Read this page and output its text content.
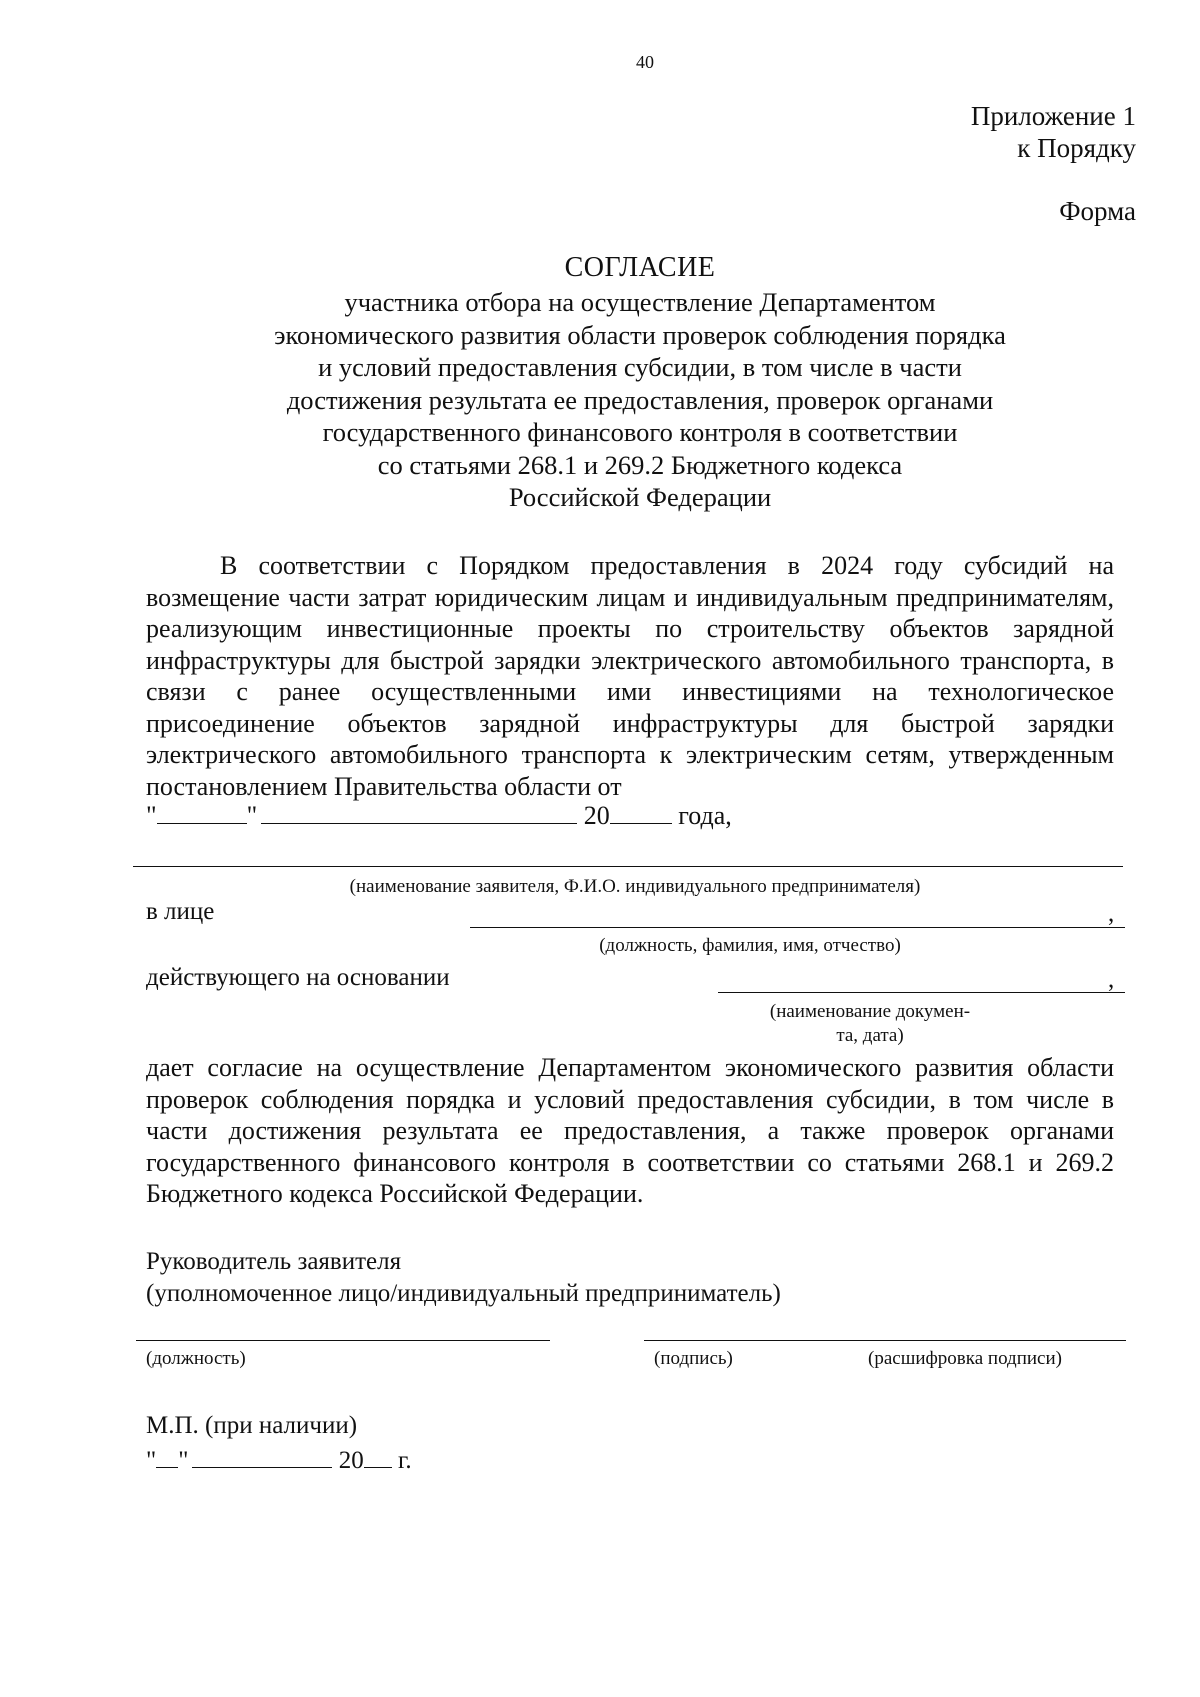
40
Приложение 1
к Порядку
Форма
СОГЛАСИЕ
участника отбора на осуществление Департаментом
экономического развития области проверок соблюдения порядка
и условий предоставления субсидии, в том числе в части
достижения результата ее предоставления, проверок органами
государственного финансового контроля в соответствии
со статьями 268.1 и 269.2 Бюджетного кодекса
Российской Федерации

В соответствии с Порядком предоставления в 2024 году субсидий на возмещение части затрат юридическим лицам и индивидуальным предпринимателям, реализующим инвестиционные проекты по строительству объектов зарядной инфраструктуры для быстрой зарядки электрического автомобильного транспорта, в связи с ранее осуществленными ими инвестициями на технологическое присоединение объектов зарядной инфраструктуры для быстрой зарядки электрического автомобильного транспорта к электрическим сетям, утвержденным постановлением Правительства области от

"	"	20	года,
(наименование заявителя, Ф.И.О. индивидуального предпринимателя)
в лице	,
(должность, фамилия, имя, отчество)
действующего на основании	,
(наименование докумен-
та, дата)

дает согласие на осуществление Департаментом экономического развития области проверок соблюдения порядка и условий предоставления субсидии, в том числе в части достижения результата ее предоставления, а также проверок органами государственного финансового контроля в соответствии со статьями 268.1 и 269.2 Бюджетного кодекса Российской Федерации.

Руководитель заявителя
(уполномоченное лицо/индивидуальный предприниматель)
(должность)	(подпись)	(расшифровка подписи)
М.П. (при наличии)
" "	20 г.
